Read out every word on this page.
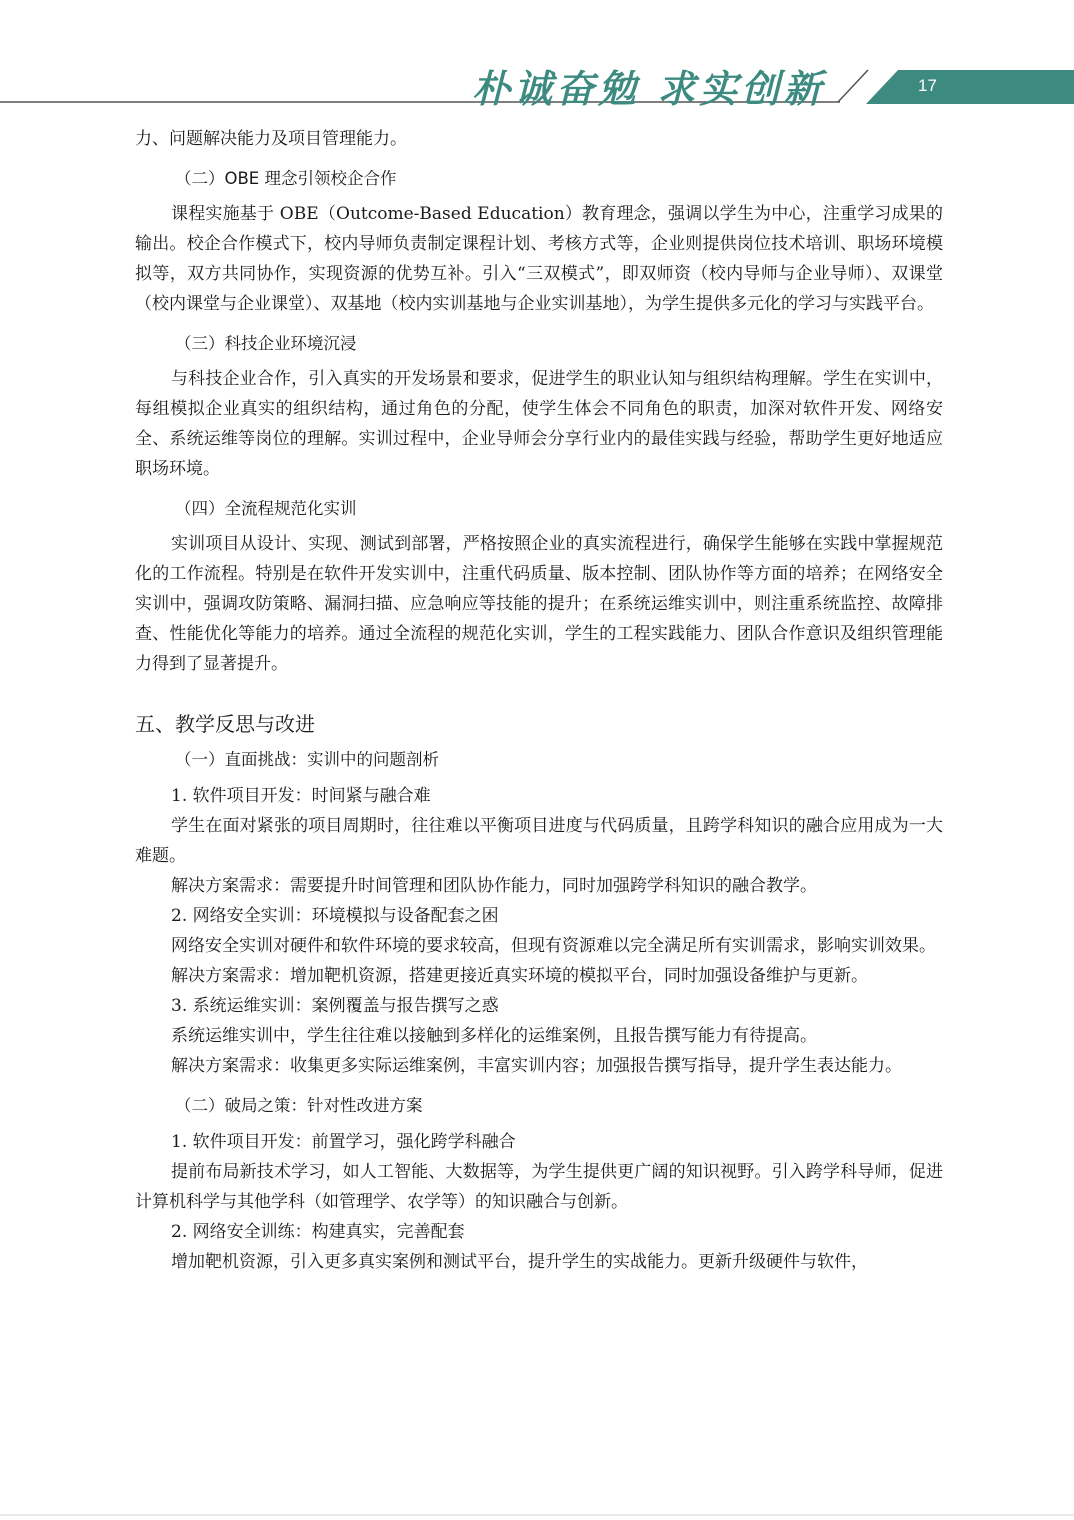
朴诚奋勉 求实创新	17

力、问题解决能力及项目管理能力。

（二）OBE 理念引领校企合作

课程实施基于 OBE（Outcome-Based Education）教育理念，强调以学生为中心，注重学习成果的输出。校企合作模式下，校内导师负责制定课程计划、考核方式等，企业则提供岗位技术培训、职场环境模拟等，双方共同协作，实现资源的优势互补。引入“三双模式”，即双师资（校内导师与企业导师）、双课堂（校内课堂与企业课堂）、双基地（校内实训基地与企业实训基地），为学生提供多元化的学习与实践平台。

（三）科技企业环境沉浸

与科技企业合作，引入真实的开发场景和要求，促进学生的职业认知与组织结构理解。学生在实训中，每组模拟企业真实的组织结构，通过角色的分配，使学生体会不同角色的职责，加深对软件开发、网络安全、系统运维等岗位的理解。实训过程中，企业导师会分享行业内的最佳实践与经验，帮助学生更好地适应职场环境。

（四）全流程规范化实训

实训项目从设计、实现、测试到部署，严格按照企业的真实流程进行，确保学生能够在实践中掌握规范化的工作流程。特别是在软件开发实训中，注重代码质量、版本控制、团队协作等方面的培养；在网络安全实训中，强调攻防策略、漏洞扫描、应急响应等技能的提升；在系统运维实训中，则注重系统监控、故障排查、性能优化等能力的培养。通过全流程的规范化实训，学生的工程实践能力、团队合作意识及组织管理能力得到了显著提升。

五、教学反思与改进
（一）直面挑战：实训中的问题剖析

1. 软件项目开发：时间紧与融合难

学生在面对紧张的项目周期时，往往难以平衡项目进度与代码质量，且跨学科知识的融合应用成为一大难题。

解决方案需求：需要提升时间管理和团队协作能力，同时加强跨学科知识的融合教学。

2. 网络安全实训：环境模拟与设备配套之困

网络安全实训对硬件和软件环境的要求较高，但现有资源难以完全满足所有实训需求，影响实训效果。

解决方案需求：增加靶机资源，搭建更接近真实环境的模拟平台，同时加强设备维护与更新。

3. 系统运维实训：案例覆盖与报告撰写之惑

系统运维实训中，学生往往难以接触到多样化的运维案例，且报告撰写能力有待提高。

解决方案需求：收集更多实际运维案例，丰富实训内容；加强报告撰写指导，提升学生表达能力。

（二）破局之策：针对性改进方案

1. 软件项目开发：前置学习，强化跨学科融合

提前布局新技术学习，如人工智能、大数据等，为学生提供更广阔的知识视野。引入跨学科导师，促进计算机科学与其他学科（如管理学、农学等）的知识融合与创新。

2. 网络安全训练：构建真实，完善配套

增加靶机资源，引入更多真实案例和测试平台，提升学生的实战能力。更新升级硬件与软件，
